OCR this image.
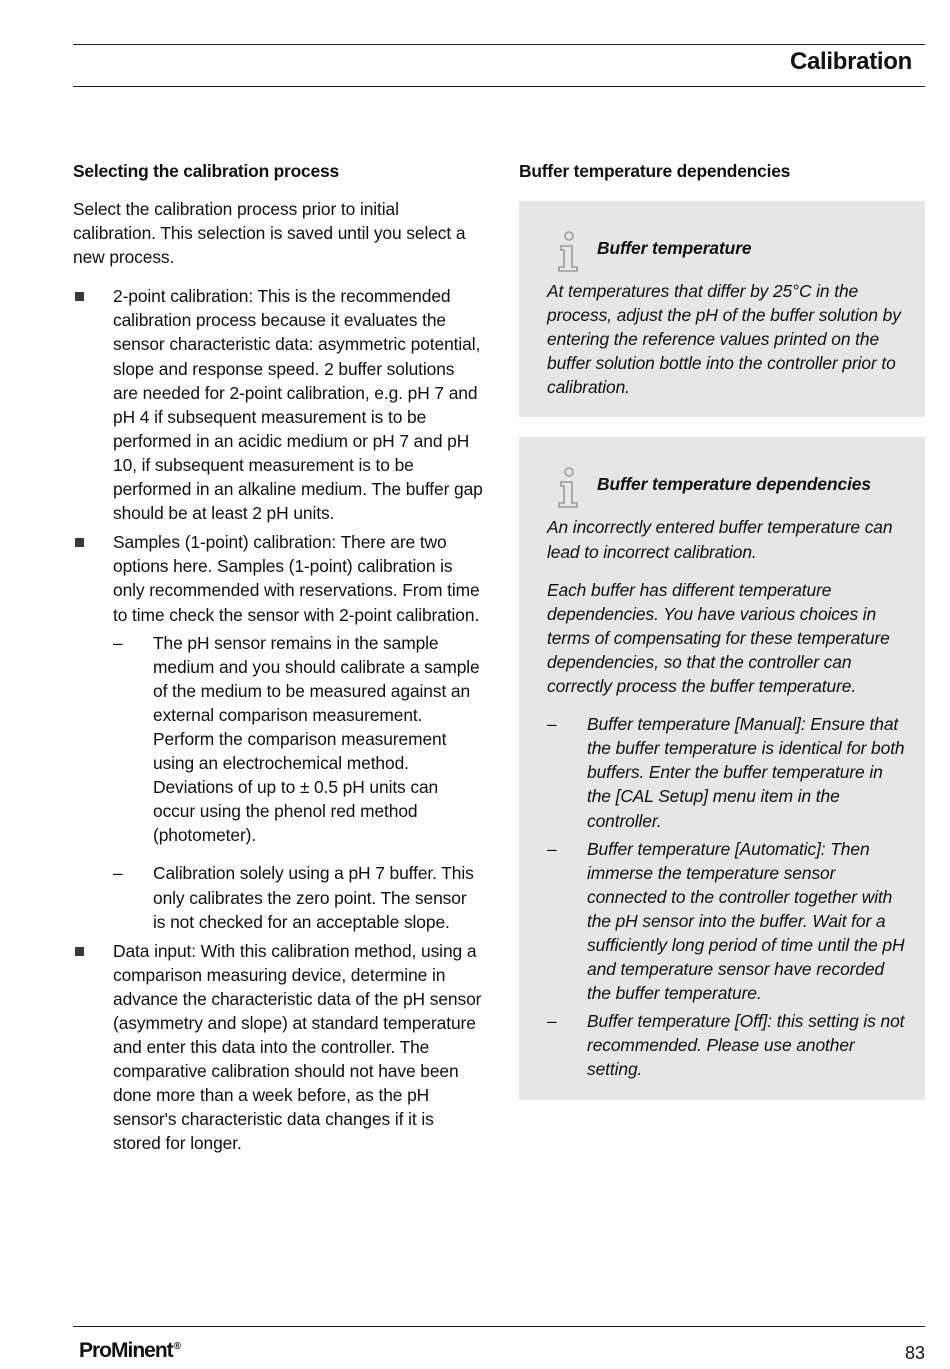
Calibration
Selecting the calibration process

Select the calibration process prior to initial calibration. This selection is saved until you select a new process.

2-point calibration: This is the recommended calibration process because it evaluates the sensor characteristic data: asymmetric potential, slope and response speed. 2 buffer solutions are needed for 2-point calibration, e.g. pH 7 and pH 4 if subsequent measurement is to be performed in an acidic medium or pH 7 and pH 10, if subsequent measurement is to be performed in an alkaline medium. The buffer gap should be at least 2 pH units.

Samples (1-point) calibration: There are two options here. Samples (1-point) calibration is only recommended with reservations. From time to time check the sensor with 2-point calibration.

– The pH sensor remains in the sample medium and you should calibrate a sample of the medium to be measured against an external comparison measurement. Perform the comparison measurement using an electrochemical method. Deviations of up to ± 0.5 pH units can occur using the phenol red method (photometer).

– Calibration solely using a pH 7 buffer. This only calibrates the zero point. The sensor is not checked for an acceptable slope.

Data input: With this calibration method, using a comparison measuring device, determine in advance the characteristic data of the pH sensor (asymmetry and slope) at standard temperature and enter this data into the controller. The comparative calibration should not have been done more than a week before, as the pH sensor's characteristic data changes if it is stored for longer.

Buffer temperature dependencies
Buffer temperature

At temperatures that differ by 25°C in the process, adjust the pH of the buffer solution by entering the reference values printed on the buffer solution bottle into the controller prior to calibration.

Buffer temperature dependencies

An incorrectly entered buffer temperature can lead to incorrect calibration.

Each buffer has different temperature dependencies. You have various choices in terms of compensating for these temperature dependencies, so that the controller can correctly process the buffer temperature.

– Buffer temperature [Manual]: Ensure that the buffer temperature is identical for both buffers. Enter the buffer temperature in the [CAL Setup] menu item in the controller.

– Buffer temperature [Automatic]: Then immerse the temperature sensor connected to the controller together with the pH sensor into the buffer. Wait for a sufficiently long period of time until the pH and temperature sensor have recorded the buffer temperature.

– Buffer temperature [Off]: this setting is not recommended. Please use another setting.

ProMinent®	83
